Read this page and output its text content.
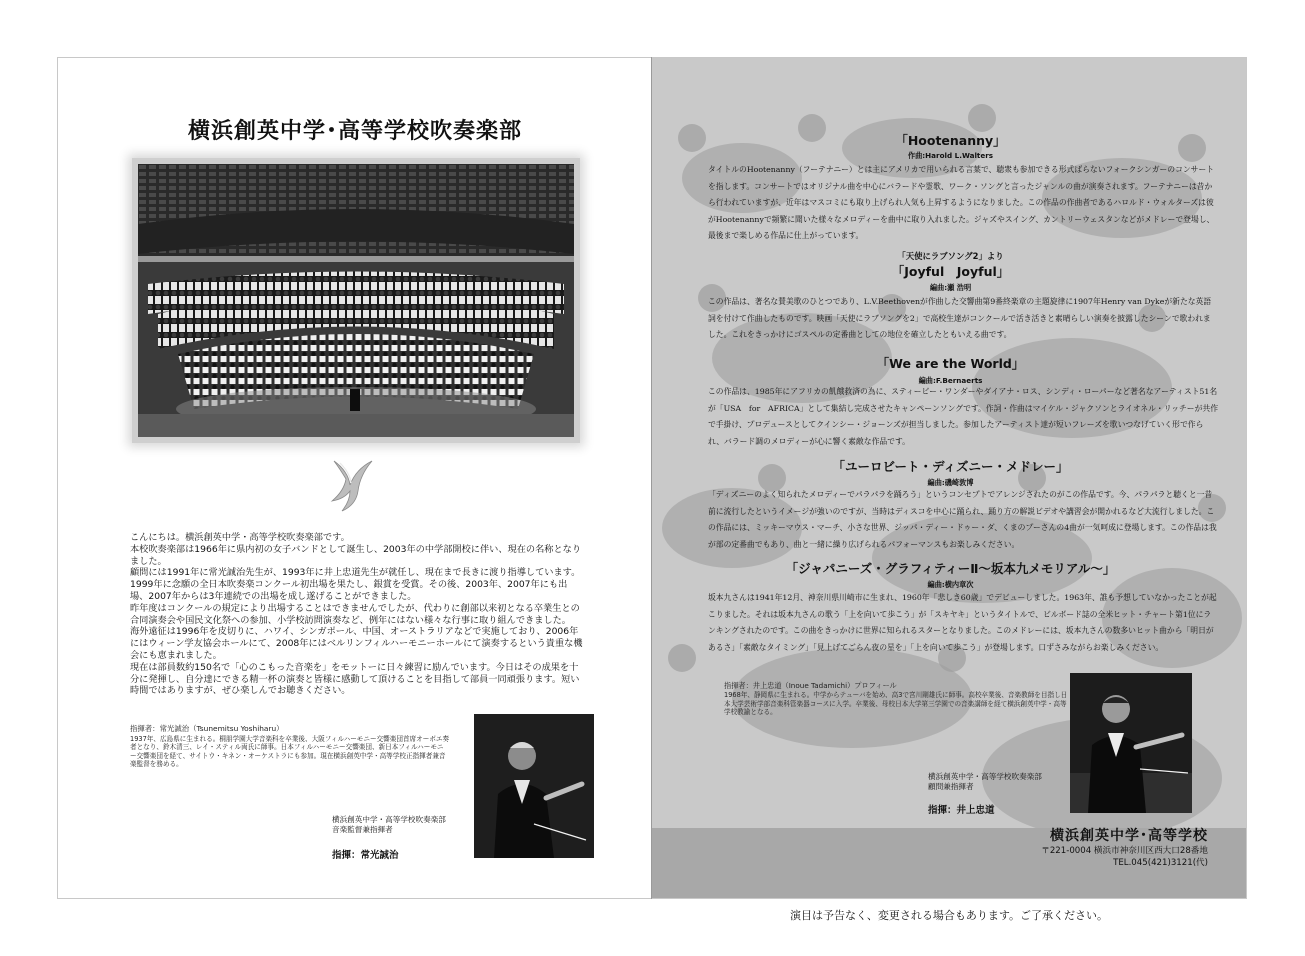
横浜創英中学･高等学校吹奏楽部

こんにちは。横浜創英中学・高等学校吹奏楽部です。

本校吹奏楽部は1966年に県内初の女子バンドとして誕生し、2003年の中学部開校に伴い、現在の名称となりました。

顧問には1991年に常光誠治先生が、1993年に井上忠道先生が就任し、現在まで長きに渡り指導しています。

1999年に念願の全日本吹奏楽コンクール初出場を果たし、銀賞を受賞。その後、2003年、2007年にも出場、2007年からは3年連続での出場を成し遂げることができました。

昨年度はコンクールの規定により出場することはできませんでしたが、代わりに創部以来初となる卒業生との合同演奏会や国民文化祭への参加、小学校訪問演奏など、例年にはない様々な行事に取り組んできました。

海外遠征は1996年を皮切りに、ハワイ、シンガポール、中国、オーストラリアなどで実施しており、2006年にはウィーン学友協会ホールにて、2008年にはベルリンフィルハーモニーホールにて演奏するという貴重な機会にも恵まれました。

現在は部員数約150名で「心のこもった音楽を」をモットーに日々練習に励んでいます。今日はその成果を十分に発揮し、自分達にできる精一杯の演奏と皆様に感動して頂けることを目指して部員一同頑張ります。短い時間ではありますが、ぜひ楽しんでお聴きください。

指揮者：常光誠治（Tsunemitsu Yoshiharu）
1937年、広島県に生まれる。桐朋学園大学音楽科を卒業後、大阪フィルハーモニー交響楽団首席オーボエ奏者となり、鈴木清三、レイ・スティル両氏に師事。日本フィルハーモニー交響楽団、新日本フィルハーモニー交響楽団を経て、サイトウ・キネン・オーケストラにも参加。現在横浜創英中学・高等学校正指揮者兼音楽監督を務める。
横浜創英中学・高等学校吹奏楽部
音楽監督兼指揮者
指揮：常光誠治
「Hootenanny」
作曲:Harold L.Walters
タイトルのHootenanny（フーテナニー）とは主にアメリカで用いられる言葉で、聴衆も参加できる形式ばらないフォークシンガーのコンサートを指します。コンサートではオリジナル曲を中心にバラードや霊歌、ワーク・ソングと言ったジャンルの曲が演奏されます。フーテナニーは昔から行われていますが、近年はマスコミにも取り上げられ人気も上昇するようになりました。この作品の作曲者であるハロルド・ウォルターズは彼がHootenannyで頻繁に聞いた様々なメロディーを曲中に取り入れました。ジャズやスイング、カントリーウェスタンなどがメドレーで登場し、最後まで楽しめる作品に仕上がっています。
「天使にラブソング2」より
「Joyful　Joyful」
編曲:瀬 浩明
この作品は、著名な賛美歌のひとつであり、L.V.Beethovenが作曲した交響曲第9番終楽章の主題旋律に1907年Henry van Dykeが新たな英語詞を付けて作曲したものです。映画「天使にラブソングを2」で高校生達がコンクールで活き活きと素晴らしい演奏を披露したシーンで歌われました。これをきっかけにゴスペルの定番曲としての地位を確立したともいえる曲です。
「We are the World」
編曲:F.Bernaerts
この作品は、1985年にアフリカの飢餓救済の為に、スティービー・ワンダーやダイアナ・ロス、シンディ・ローパーなど著名なアーティスト51名が「USA　for　AFRICA」として集結し完成させたキャンペーンソングです。作詞・作曲はマイケル・ジャクソンとライオネル・リッチーが共作で手掛け、プロデュースとしてクインシー・ジョーンズが担当しました。参加したアーティスト達が短いフレーズを歌いつなげていく形で作られ、バラード調のメロディーが心に響く素敵な作品です。
「ユーロビート・ディズニー・メドレー」
編曲:磯崎敦博
「ディズニーのよく知られたメロディーでパラパラを踊ろう」というコンセプトでアレンジされたのがこの作品です。今、パラパラと聴くと一昔前に流行したというイメージが強いのですが、当時はディスコを中心に踊られ、踊り方の解説ビデオや講習会が開かれるなど大流行しました。この作品には、ミッキーマウス・マーチ、小さな世界、ジッパ・ディー・ドゥー・ダ、くまのプーさんの4曲が一気呵成に登場します。この作品は我が部の定番曲でもあり、曲と一緒に繰り広げられるパフォーマンスもお楽しみください。
「ジャパニーズ・グラフィティーⅡ～坂本九メモリアル～」
編曲:横内章次
坂本九さんは1941年12月、神奈川県川崎市に生まれ、1960年「悲しき60歳」でデビューしました。1963年、誰も予想していなかったことが起こりました。それは坂本九さんの歌う「上を向いて歩こう」が「スキヤキ」というタイトルで、ビルボード誌の全米ヒット・チャート第1位にランキングされたのです。この曲をきっかけに世界に知られるスターとなりました。このメドレーには、坂本九さんの数多いヒット曲から「明日があるさ」「素敵なタイミング」「見上げてごらん夜の星を」「上を向いて歩こう」が登場します。口ずさみながらお楽しみください。
指揮者：井上忠道（Inoue Tadamichi）プロフィール
1968年、静岡県に生まれる。中学からテューバを始め、高3で宮川剛雄氏に師事。高校卒業後、音楽教師を目指し日本大学芸術学部音楽科管楽器コースに入学。卒業後、母校日本大学第三学園での音楽講師を経て横浜創英中学・高等学校教諭となる。
横浜創英中学・高等学校吹奏楽部
顧問兼指揮者
指揮：井上忠道
横浜創英中学･高等学校
〒221-0004 横浜市神奈川区西大口28番地
TEL.045(421)3121(代)
演目は予告なく、変更される場合もあります。ご了承ください。
